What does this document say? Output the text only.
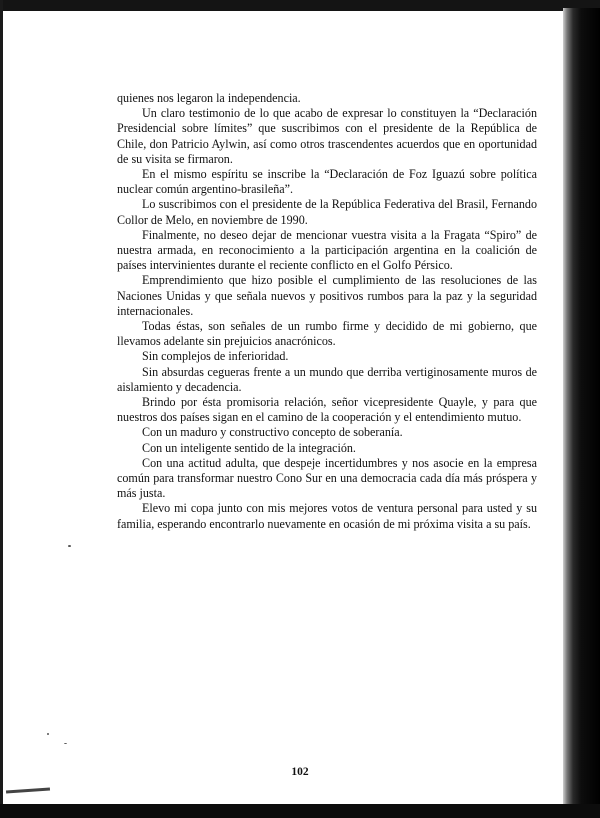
quienes nos legaron la independencia.

Un claro testimonio de lo que acabo de expresar lo constituyen la “Declaración Presidencial sobre límites” que suscribimos con el presidente de la República de Chile, don Patricio Aylwin, así como otros trascendentes acuerdos que en oportunidad de su visita se firmaron.

En el mismo espíritu se inscribe la “Declaración de Foz Iguazú sobre política nuclear común argentino-brasileña”.

Lo suscribimos con el presidente de la República Federativa del Brasil, Fernando Collor de Melo, en noviembre de 1990.

Finalmente, no deseo dejar de mencionar vuestra visita a la Fragata “Spiro” de nuestra armada, en reconocimiento a la participación argentina en la coalición de países intervinientes durante el reciente conflicto en el Golfo Pérsico.

Emprendimiento que hizo posible el cumplimiento de las resoluciones de las Naciones Unidas y que señala nuevos y positivos rumbos para la paz y la seguridad internacionales.

Todas éstas, son señales de un rumbo firme y decidido de mi gobierno, que llevamos adelante sin prejuicios anacrónicos.

Sin complejos de inferioridad.

Sin absurdas cegueras frente a un mundo que derriba vertiginosamente muros de aislamiento y decadencia.

Brindo por ésta promisoria relación, señor vicepresidente Quayle, y para que nuestros dos países sigan en el camino de la cooperación y el entendimiento mutuo.

Con un maduro y constructivo concepto de soberanía.

Con un inteligente sentido de la integración.

Con una actitud adulta, que despeje incertidumbres y nos asocie en la empresa común para transformar nuestro Cono Sur en una democracia cada día más próspera y más justa.

Elevo mi copa junto con mis mejores votos de ventura personal para usted y su familia, esperando encontrarlo nuevamente en ocasión de mi próxima visita a su país.

102
